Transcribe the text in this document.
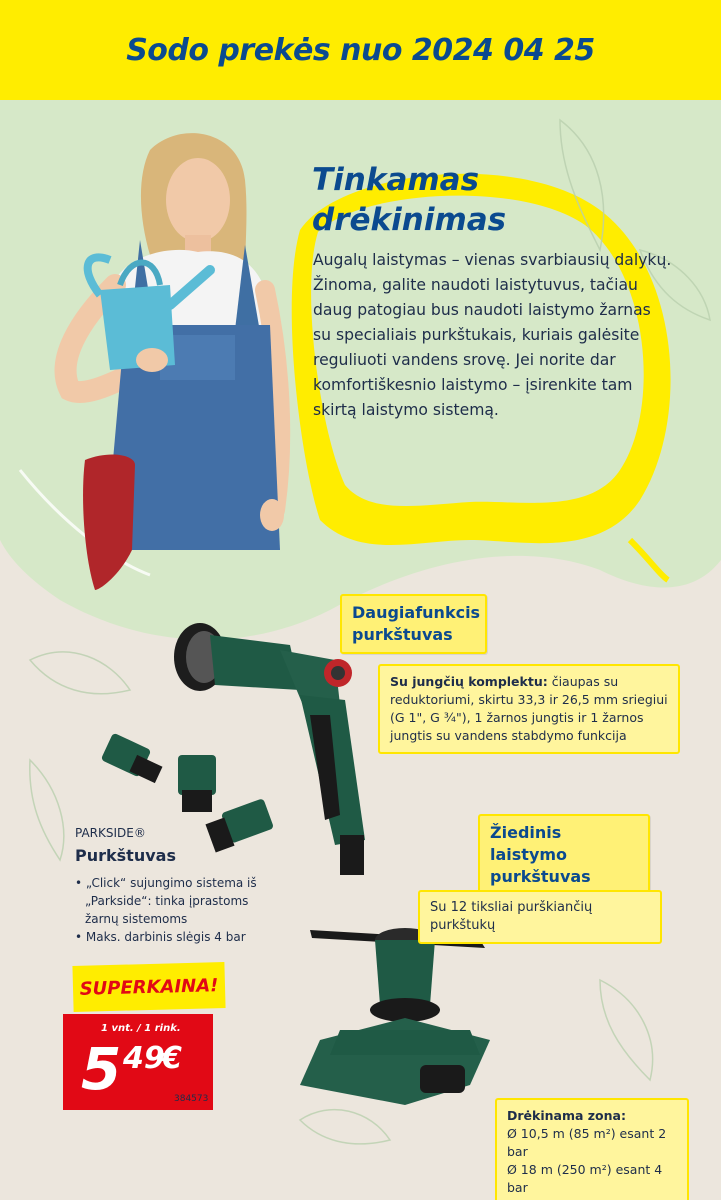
Sodo prekės nuo 2024 04 25
Tinkamas
drėkinimas

Augalų laistymas – vienas svarbiausių dalykų. Žinoma, galite naudoti laistytuvus, tačiau daug patogiau bus naudoti laistymo žarnas su specialiais purkštukais, kuriais galėsite reguliuoti vandens srovę. Jei norite dar komfortiškesnio laistymo – įsirenkite tam skirtą laistymo sistemą.

Daugiafunkcis
purkštuvas
Su jungčių komplektu: čiaupas su reduktoriumi, skirtu 33,3 ir 26,5 mm sriegiui (G 1", G ¾"), 1 žarnos jungtis ir 1 žarnos jungtis su vandens stabdymo funkcija
Žiedinis laistymo
purkštuvas
Su 12 tiksliai purškiančių purkštukų
PARKSIDE®
Purkštuvas
• „Click“ sujungimo sistema iš „Parkside“: tinka įprastoms žarnų sistemoms
• Maks. darbinis slėgis 4 bar
SUPERKAINA!
1 vnt. / 1 rink.
5 49
€
384573
Drėkinama zona:
Ø 10,5 m (85 m²) esant 2 bar
Ø 18 m (250 m²) esant 4 bar
